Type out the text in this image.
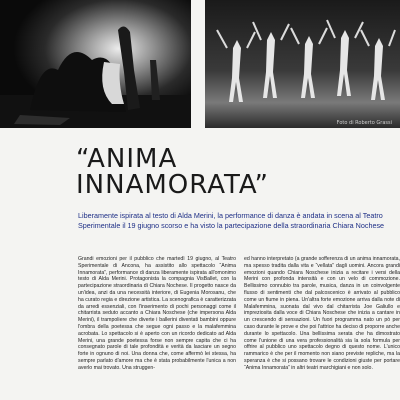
Foto di Roberto Grassi
“ANIMA
INNAMORATA”

Liberamente ispirata al testo di Alda Merini, la performance di danza è andata in scena al Teatro Sperimentale il 19 giugno scorso e ha visto la partecipazione della straordinaria Chiara Nochese

Grandi emozioni per il pubblico che martedì 19 giugno, al Teatro Sperimentale di Ancona, ha assistito allo spettacolo “Anima Innamorata”, performance di danza liberamente ispirata all'omonimo testo di Alda Merini. Protagonista la compagnia VisBallet, con la partecipazione straordinaria di Chiara Nochese. Il progetto nasce da un'idea, anzi da una necessità interiore, di Eugenia Morosanu, che ha curato regia e direzione artistica. La scenografica è caratterizzata da arredi essenziali, con l'inserimento di pochi personaggi come il chitarrista seduto accanto a Chiara Noschese (che impersona Alda Merini), il trampoliere che diverte i ballerini diventati bambini oppure l'ombra della poetessa che segue ogni passo e la malafemmina acrobata. Lo spettacolo si è aperto con un ricordo dedicato ad Alda Merini, una grande poetessa forse non sempre capita che ci ha consegnato parole di tale profondità e verità da lasciare un segno forte in ognuno di noi. Una donna che, come affermò lei stessa, ha sempre parlato d'amore ma che è stata probabilmente l'unica a non averlo mai trovato. Una struggen-

ed hanno interpretato (a grande sofferenza di un anima innamorata, ma spesso tradita dalla vita e “vellata” dagli uomini. Ancora grandi emozioni quando Chiara Noschese inizia a recitare i versi della Merini con profonda intensità e con un velo di commozione. Bellissimo connubio tra parole, musica, danza in un coinvolgente flusso di sentimenti che dal palcoscenico è arrivato al pubblico come un fiume in piena. Un'altra forte emozione arriva dalla note di Malafemmina, suonata dal vivo dal chitarrista Joe Galiullo e impreziosita dalla voce di Chiara Noschese che inizia a cantare in un crescendo di sensazioni. Un fuori programma nato un pò per caso durante le prove e che poi l'attrice ha deciso di proporre anche durante lo spettacolo. Una bellissima serata che ha dimostrato come l'unione di una vera professionalità sia la sola formula per offrire al pubblico uno spettacolo degno di questo nome. L'unico rammarico è che per il momento non siano previste repliche, ma la speranza è che si possano trovare le condizioni giuste per portare “Anima Innamorata” in altri teatri marchigiani e non solo.
